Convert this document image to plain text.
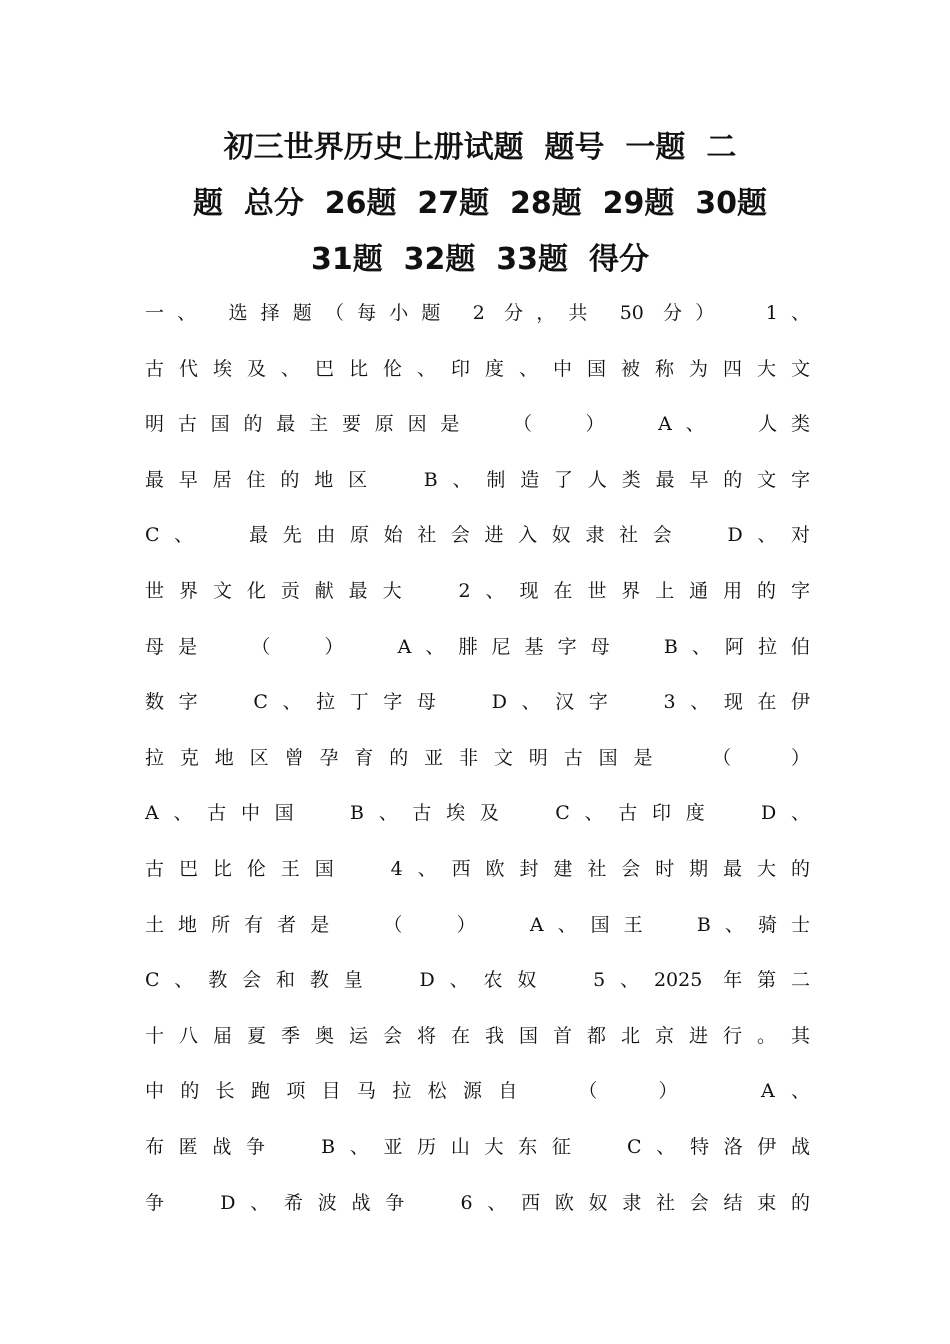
初三世界历史上册试题  题号  一题  二
题  总分  26题  27题  28题  29题  30题
31题  32题  33题  得分
一、 选择题（每小题 2 分，共 50 分）  1、
古代埃及、巴比伦、印度、中国被称为四大文
明古国的最主要原因是  （  ）  A、  人类
最早居住的地区  B、制造了人类最早的文字
C、  最先由原始社会进入奴隶社会  D、对
世界文化贡献最大  2、现在世界上通用的字
母是  （  ）  A、腓尼基字母  B、阿拉伯
数字  C、拉丁字母  D、汉字  3、现在伊
拉克地区曾孕育的亚非文明古国是  （  ）
A、古中国  B、古埃及  C、古印度  D、
古巴比伦王国  4、西欧封建社会时期最大的
土地所有者是  （  ）  A、国王  B、骑士
C、教会和教皇  D、农奴  5、2025 年第二
十八届夏季奥运会将在我国首都北京进行。其
中的长跑项目马拉松源自  （  ）   A、
布匿战争  B、亚历山大东征  C、特洛伊战
争  D、希波战争  6、西欧奴隶社会结束的
